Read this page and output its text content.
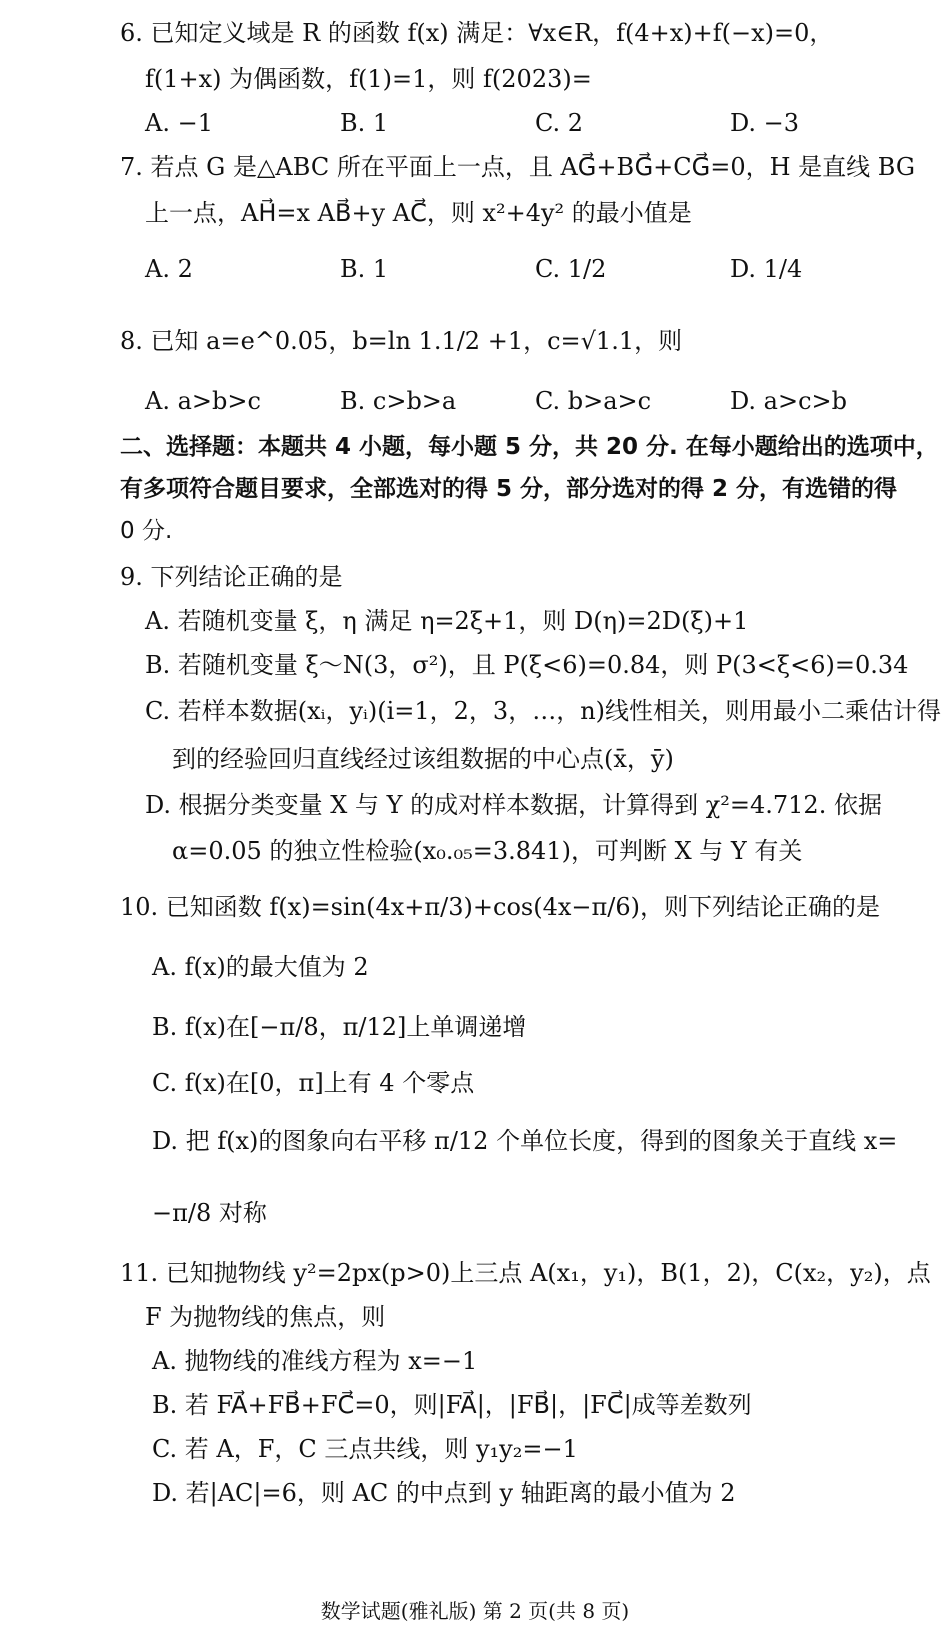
6. 已知定义域是 R 的函数 f(x) 满足：∀x∈R，f(4+x)+f(−x)=0，
f(1+x) 为偶函数，f(1)=1，则 f(2023)=
A. −1	B. 1	C. 2	D. −3
7. 若点 G 是△ABC 所在平面上一点，且 AG⃗+BG⃗+CG⃗=0，H 是直线 BG
上一点，AH⃗=x AB⃗+y AC⃗，则 x²+4y² 的最小值是
A. 2	B. 1	C. 1/2	D. 1/4
8. 已知 a=e^0.05，b=ln 1.1/2 +1，c=√1.1，则
A. a>b>c	B. c>b>a	C. b>a>c	D. a>c>b
二、选择题：本题共 4 小题，每小题 5 分，共 20 分. 在每小题给出的选项中，
有多项符合题目要求，全部选对的得 5 分，部分选对的得 2 分，有选错的得
0 分.
9. 下列结论正确的是
A. 若随机变量 ξ，η 满足 η=2ξ+1，则 D(η)=2D(ξ)+1
B. 若随机变量 ξ～N(3，σ²)，且 P(ξ<6)=0.84，则 P(3<ξ<6)=0.34
C. 若样本数据(xᵢ，yᵢ)(i=1，2，3，…，n)线性相关，则用最小二乘估计得
到的经验回归直线经过该组数据的中心点(x̄，ȳ)
D. 根据分类变量 X 与 Y 的成对样本数据，计算得到 χ²=4.712. 依据
α=0.05 的独立性检验(x₀.₀₅=3.841)，可判断 X 与 Y 有关
10. 已知函数 f(x)=sin(4x+π/3)+cos(4x−π/6)，则下列结论正确的是
A. f(x)的最大值为 2
B. f(x)在[−π/8，π/12]上单调递增
C. f(x)在[0，π]上有 4 个零点
D. 把 f(x)的图象向右平移 π/12 个单位长度，得到的图象关于直线 x=
−π/8 对称
11. 已知抛物线 y²=2px(p>0)上三点 A(x₁，y₁)，B(1，2)，C(x₂，y₂)，点
F 为抛物线的焦点，则
A. 抛物线的准线方程为 x=−1
B. 若 FA⃗+FB⃗+FC⃗=0，则|FA⃗|，|FB⃗|，|FC⃗|成等差数列
C. 若 A，F，C 三点共线，则 y₁y₂=−1
D. 若|AC|=6，则 AC 的中点到 y 轴距离的最小值为 2
数学试题(雅礼版) 第 2 页(共 8 页)
